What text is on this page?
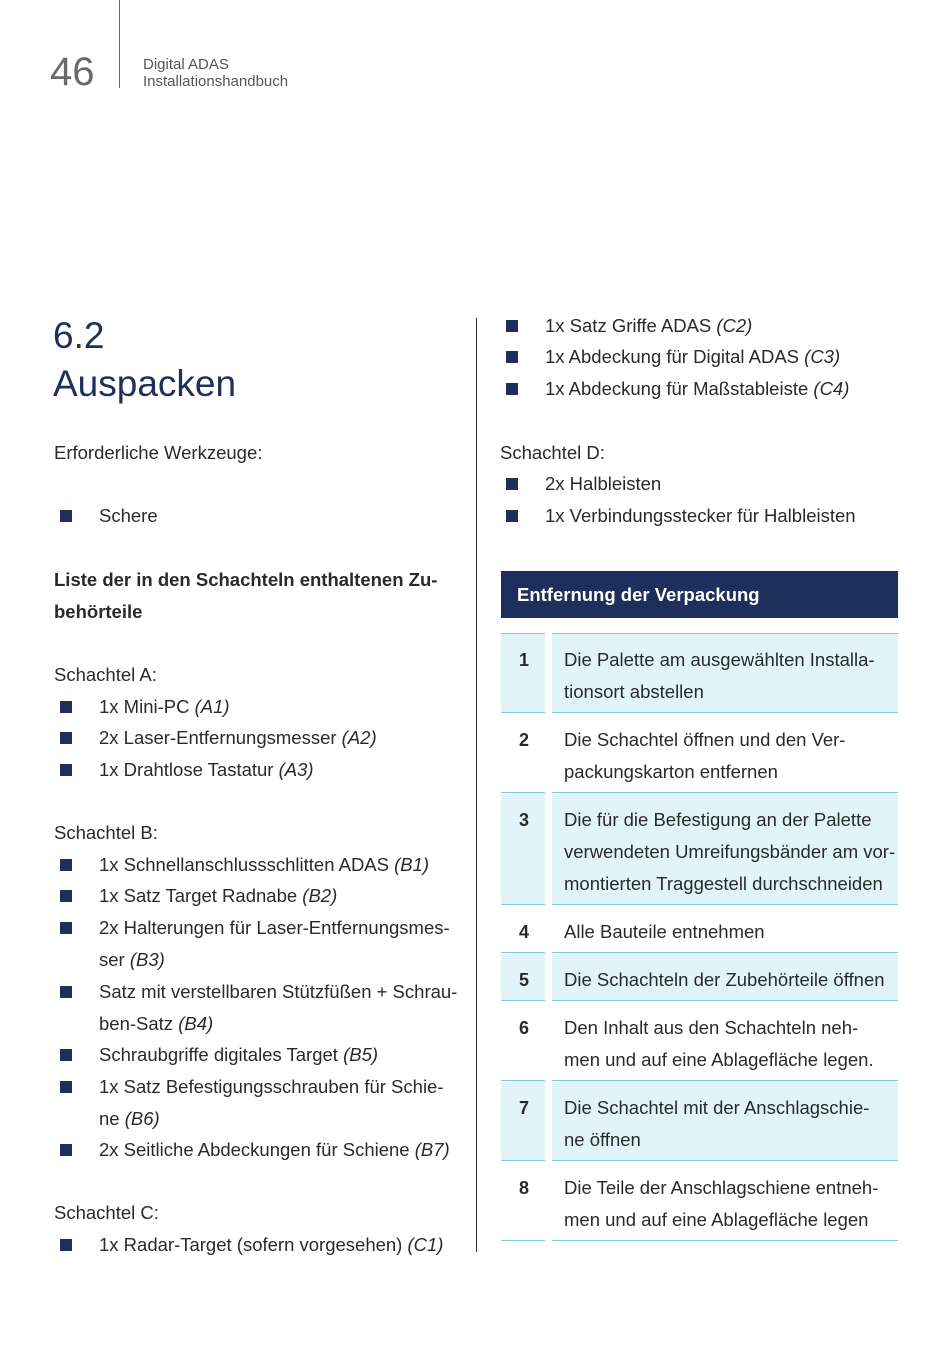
46	Digital ADAS
Installationshandbuch
6.2
Auspacken
Erforderliche Werkzeuge:
Schere
Liste der in den Schachteln enthaltenen Zu-
behörteile
Schachtel A:
1x Mini-PC (A1)
2x Laser-Entfernungsmesser (A2)
1x Drahtlose Tastatur (A3)
Schachtel B:
1x Schnellanschlussschlitten ADAS (B1)
1x Satz Target Radnabe (B2)
2x Halterungen für Laser-Entfernungsmes-
ser (B3)
Satz mit verstellbaren Stützfüßen + Schrau-
ben-Satz (B4)
Schraubgriffe digitales Target (B5)
1x Satz Befestigungsschrauben für Schie-
ne (B6)
2x Seitliche Abdeckungen für Schiene (B7)
Schachtel C:
1x Radar-Target (sofern vorgesehen) (C1)
1x Satz Griffe ADAS (C2)
1x Abdeckung für Digital ADAS (C3)
1x Abdeckung für Maßstableiste (C4)
Schachtel D:
2x Halbleisten
1x Verbindungsstecker für Halbleisten
Entfernung der Verpackung
1 Die Palette am ausgewählten Installa-
tionsort abstellen
2 Die Schachtel öffnen und den Ver-
packungskarton entfernen
3 Die für die Befestigung an der Palette
verwendeten Umreifungsbänder am vor-
montierten Traggestell durchschneiden
4 Alle Bauteile entnehmen
5 Die Schachteln der Zubehörteile öffnen
6 Den Inhalt aus den Schachteln neh-
men und auf eine Ablagefläche legen.
7 Die Schachtel mit der Anschlagschie-
ne öffnen
8 Die Teile der Anschlagschiene entneh-
men und auf eine Ablagefläche legen
